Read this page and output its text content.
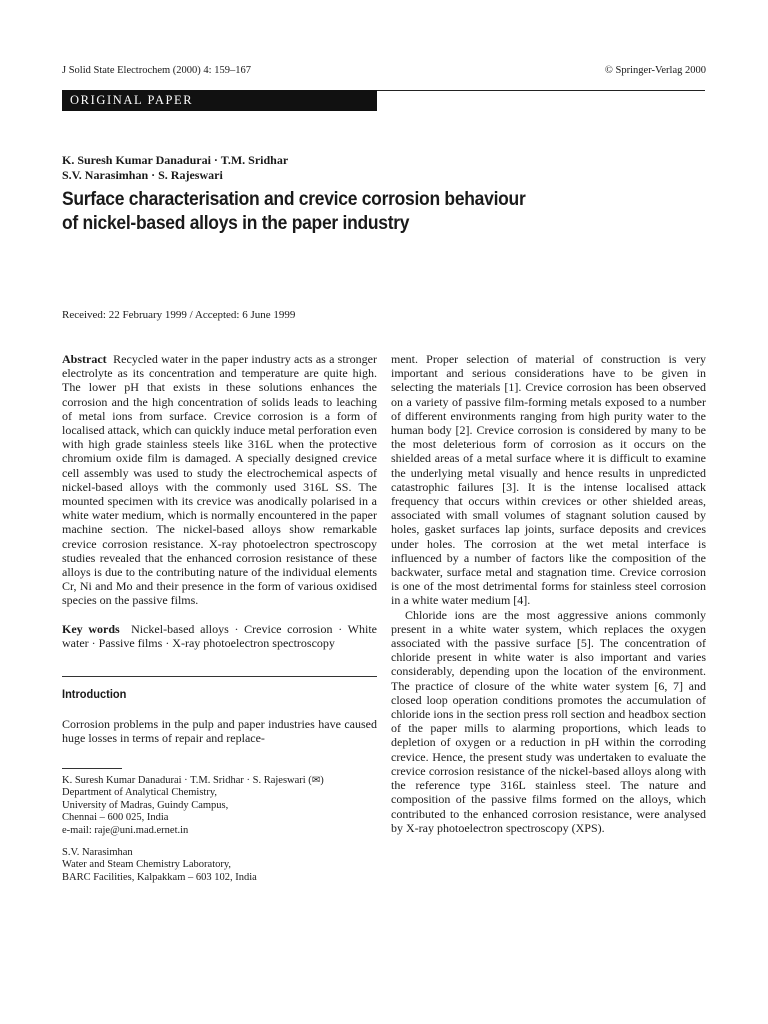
J Solid State Electrochem (2000) 4: 159–167	© Springer-Verlag 2000
ORIGINAL PAPER
K. Suresh Kumar Danadurai · T.M. Sridhar
S.V. Narasimhan · S. Rajeswari
Surface characterisation and crevice corrosion behaviour
of nickel-based alloys in the paper industry
Received: 22 February 1999 / Accepted: 6 June 1999

Abstract Recycled water in the paper industry acts as a stronger electrolyte as its concentration and temperature are quite high. The lower pH that exists in these solutions enhances the corrosion and the high concentration of solids leads to leaching of metal ions from surface. Crevice corrosion is a form of localised attack, which can quickly induce metal perforation even with high grade stainless steels like 316L when the protective chromium oxide film is damaged. A specially designed crevice cell assembly was used to study the electrochemical aspects of nickel-based alloys with the commonly used 316L SS. The mounted specimen with its crevice was anodically polarised in a white water medium, which is normally encountered in the paper machine section. The nickel-based alloys show remarkable crevice corrosion resistance. X-ray photoelectron spectroscopy studies revealed that the enhanced corrosion resistance of these alloys is due to the contributing nature of the individual elements Cr, Ni and Mo and their presence in the form of various oxidised species on the passive films.

Key words Nickel-based alloys · Crevice corrosion · White water · Passive films · X-ray photoelectron spectroscopy

Introduction

Corrosion problems in the pulp and paper industries have caused huge losses in terms of repair and replace-

K. Suresh Kumar Danadurai · T.M. Sridhar · S. Rajeswari (✉)

Department of Analytical Chemistry,

University of Madras, Guindy Campus,

Chennai – 600 025, India

e-mail: raje@uni.mad.ernet.in

S.V. Narasimhan

Water and Steam Chemistry Laboratory,

BARC Facilities, Kalpakkam – 603 102, India

ment. Proper selection of material of construction is very important and serious considerations have to be given in selecting the materials [1]. Crevice corrosion has been observed on a variety of passive film-forming metals exposed to a number of different environments ranging from high purity water to the human body [2]. Crevice corrosion is considered by many to be the most deleterious form of corrosion as it occurs on the shielded areas of a metal surface where it is difficult to examine the underlying metal visually and hence results in unpredicted catastrophic failures [3]. It is the intense localised attack frequency that occurs within crevices or other shielded areas, associated with small volumes of stagnant solution caused by holes, gasket surfaces lap joints, surface deposits and crevices under holes. The corrosion at the wet metal interface is influenced by a number of factors like the composition of the backwater, surface metal and stagnation time. Crevice corrosion is one of the most detrimental forms for stainless steel corrosion in a white water medium [4].

Chloride ions are the most aggressive anions commonly present in a white water system, which replaces the oxygen associated with the passive surface [5]. The concentration of chloride present in white water is also important and varies considerably, depending upon the location of the environment. The practice of closure of the white water system [6, 7] and closed loop operation conditions promotes the accumulation of chloride ions in the section press roll section and headbox section of the paper mills to alarming proportions, which leads to depletion of oxygen or a reduction in pH within the corroding crevice. Hence, the present study was undertaken to evaluate the crevice corrosion resistance of the nickel-based alloys along with the reference type 316L stainless steel. The nature and composition of the passive films formed on the alloys, which contributed to the enhanced corrosion resistance, were analysed by X-ray photoelectron spectroscopy (XPS).
